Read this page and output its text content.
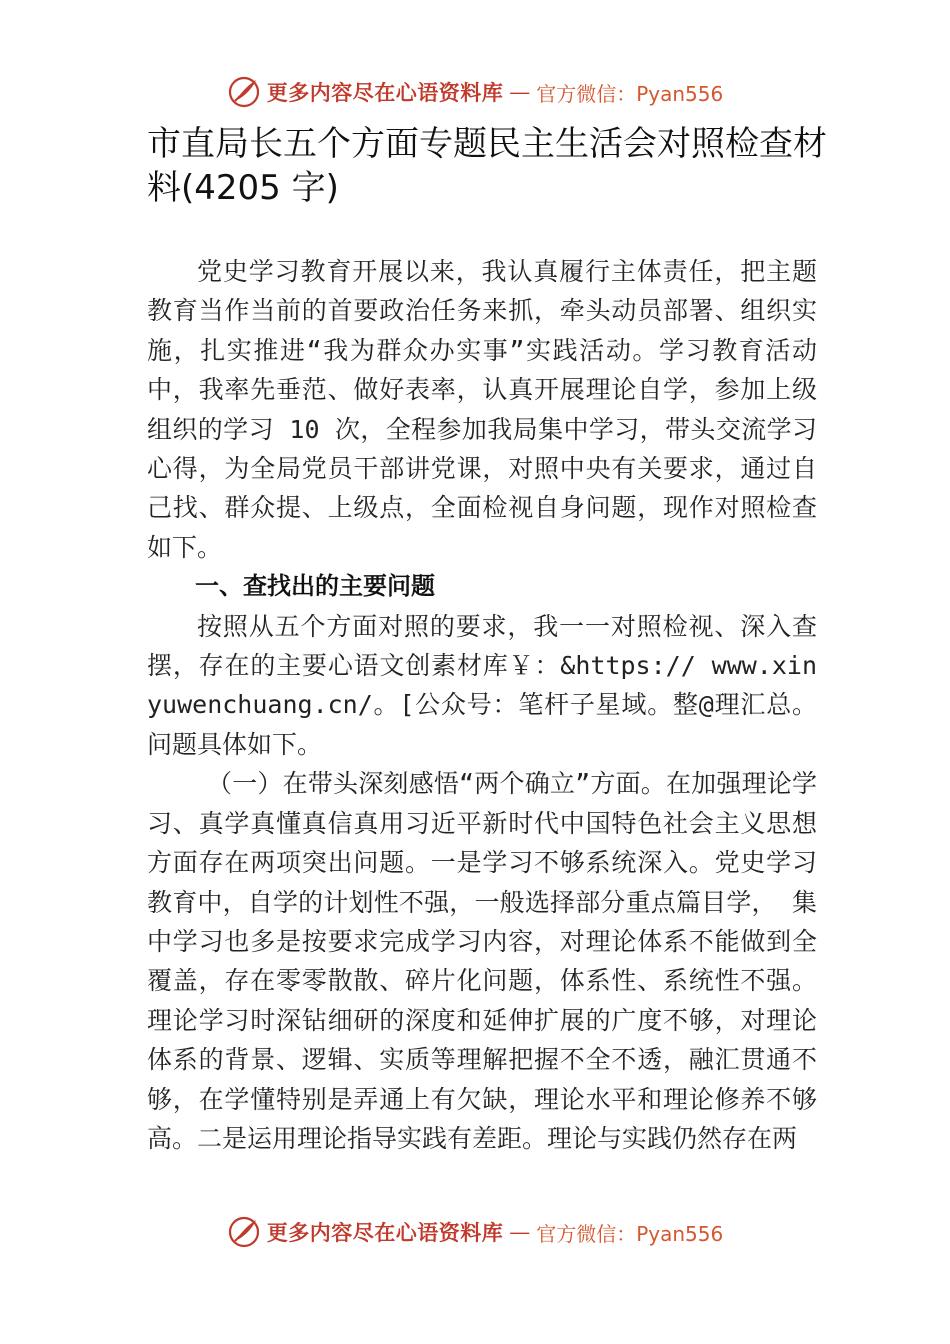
更多内容尽在心语资料库 — 官方微信：Pyan556
市直局长五个方面专题民主生活会对照检查材料(4205 字)

党史学习教育开展以来，我认真履行主体责任，把主题教育当作当前的首要政治任务来抓，牵头动员部署、组织实施，扎实推进“我为群众办实事”实践活动。学习教育活动中，我率先垂范、做好表率，认真开展理论自学，参加上级组织的学习 10 次，全程参加我局集中学习，带头交流学习心得，为全局党员干部讲党课，对照中央有关要求，通过自己找、群众提、上级点，全面检视自身问题，现作对照检查如下。

一、查找出的主要问题

按照从五个方面对照的要求，我一一对照检视、深入查摆，存在的主要心语文创素材库￥：&https:// www.xinyuwenchuang.cn/。[公众号：笔杆子星域。整@理汇总。问题具体如下。

（一）在带头深刻感悟“两个确立”方面。在加强理论学习、真学真懂真信真用习近平新时代中国特色社会主义思想方面存在两项突出问题。一是学习不够系统深入。党史学习教育中，自学的计划性不强，一般选择部分重点篇目学， 集中学习也多是按要求完成学习内容，对理论体系不能做到全覆盖，存在零零散散、碎片化问题，体系性、系统性不强。理论学习时深钻细研的深度和延伸扩展的广度不够，对理论体系的背景、逻辑、实质等理解把握不全不透，融汇贯通不够，在学懂特别是弄通上有欠缺，理论水平和理论修养不够高。二是运用理论指导实践有差距。理论与实践仍然存在两

更多内容尽在心语资料库 — 官方微信：Pyan556
